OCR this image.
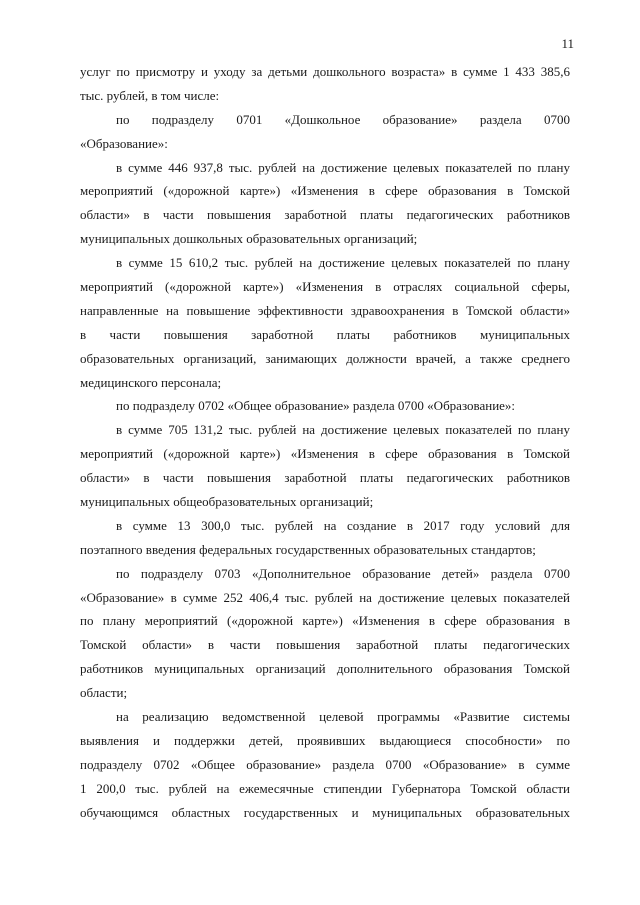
11
услуг по присмотру и уходу за детьми дошкольного возраста» в сумме 1 433 385,6
тыс. рублей, в том числе:
по подразделу 0701 «Дошкольное образование» раздела 0700
«Образование»:
в сумме 446 937,8 тыс. рублей на достижение целевых показателей по плану
мероприятий («дорожной карте») «Изменения в сфере образования в Томской
области» в части повышения заработной платы педагогических работников
муниципальных дошкольных образовательных организаций;
в сумме 15 610,2 тыс. рублей на достижение целевых показателей по плану
мероприятий («дорожной карте») «Изменения в отраслях социальной сферы,
направленные на повышение эффективности здравоохранения в Томской области»
в части повышения заработной платы работников муниципальных
образовательных организаций, занимающих должности врачей, а также среднего
медицинского персонала;
по подразделу 0702 «Общее образование» раздела 0700 «Образование»:
в сумме 705 131,2 тыс. рублей на достижение целевых показателей по плану
мероприятий («дорожной карте») «Изменения в сфере образования в Томской
области» в части повышения заработной платы педагогических работников
муниципальных общеобразовательных организаций;
в сумме 13 300,0 тыс. рублей на создание в 2017 году условий для
поэтапного введения федеральных государственных образовательных стандартов;
по подразделу 0703 «Дополнительное образование детей» раздела 0700
«Образование» в сумме 252 406,4 тыс. рублей на достижение целевых показателей
по плану мероприятий («дорожной карте») «Изменения в сфере образования в
Томской области» в части повышения заработной платы педагогических
работников муниципальных организаций дополнительного образования Томской
области;
на реализацию ведомственной целевой программы «Развитие системы
выявления и поддержки детей, проявивших выдающиеся способности» по
подразделу 0702 «Общее образование» раздела 0700 «Образование» в сумме
1 200,0 тыс. рублей на ежемесячные стипендии Губернатора Томской области
обучающимся областных государственных и муниципальных образовательных
